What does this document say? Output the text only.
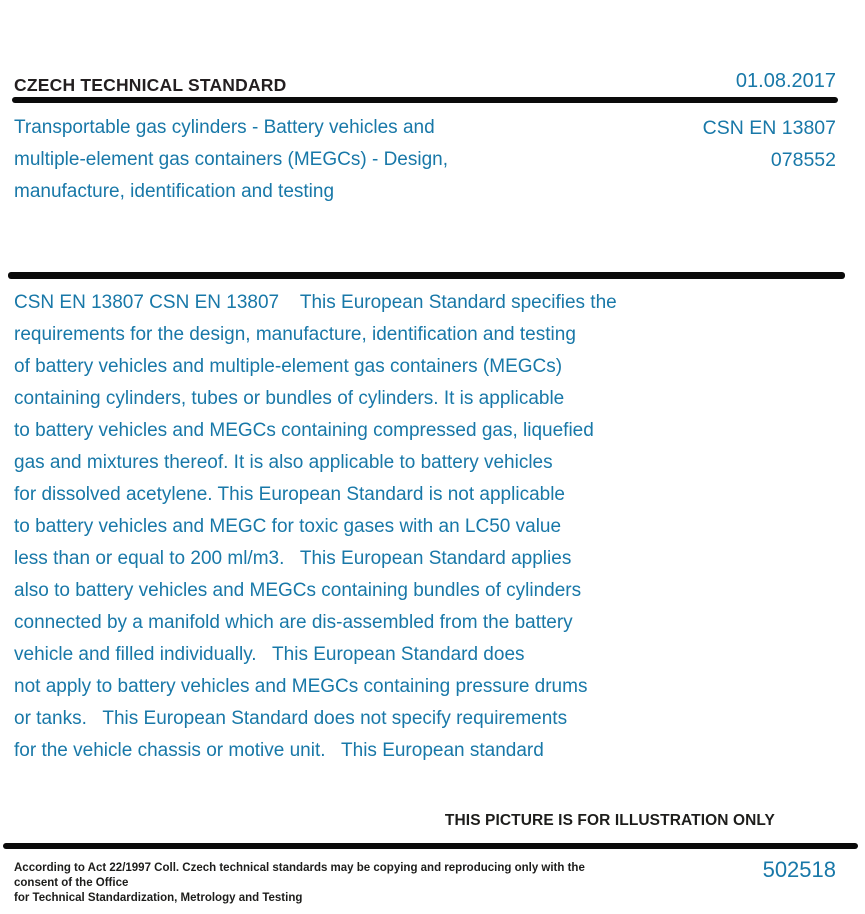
CZECH TECHNICAL STANDARD	01.08.2017
Transportable gas cylinders - Battery vehicles and
multiple-element gas containers (MEGCs) - Design,
manufacture, identification and testing
CSN EN 13807
078552
CSN EN 13807 CSN EN 13807    This European Standard specifies the
requirements for the design, manufacture, identification and testing
of battery vehicles and multiple-element gas containers (MEGCs)
containing cylinders, tubes or bundles of cylinders. It is applicable
to battery vehicles and MEGCs containing compressed gas, liquefied
gas and mixtures thereof. It is also applicable to battery vehicles
for dissolved acetylene. This European Standard is not applicable
to battery vehicles and MEGC for toxic gases with an LC50 value
less than or equal to 200 ml/m3.   This European Standard applies
also to battery vehicles and MEGCs containing bundles of cylinders
connected by a manifold which are dis-assembled from the battery
vehicle and filled individually.   This European Standard does
not apply to battery vehicles and MEGCs containing pressure drums
or tanks.   This European Standard does not specify requirements
for the vehicle chassis or motive unit.   This European standard
THIS PICTURE IS FOR ILLUSTRATION ONLY
According to Act 22/1997 Coll. Czech technical standards may be copying and reproducing only with the consent of the Office
for Technical Standardization, Metrology and Testing
502518
